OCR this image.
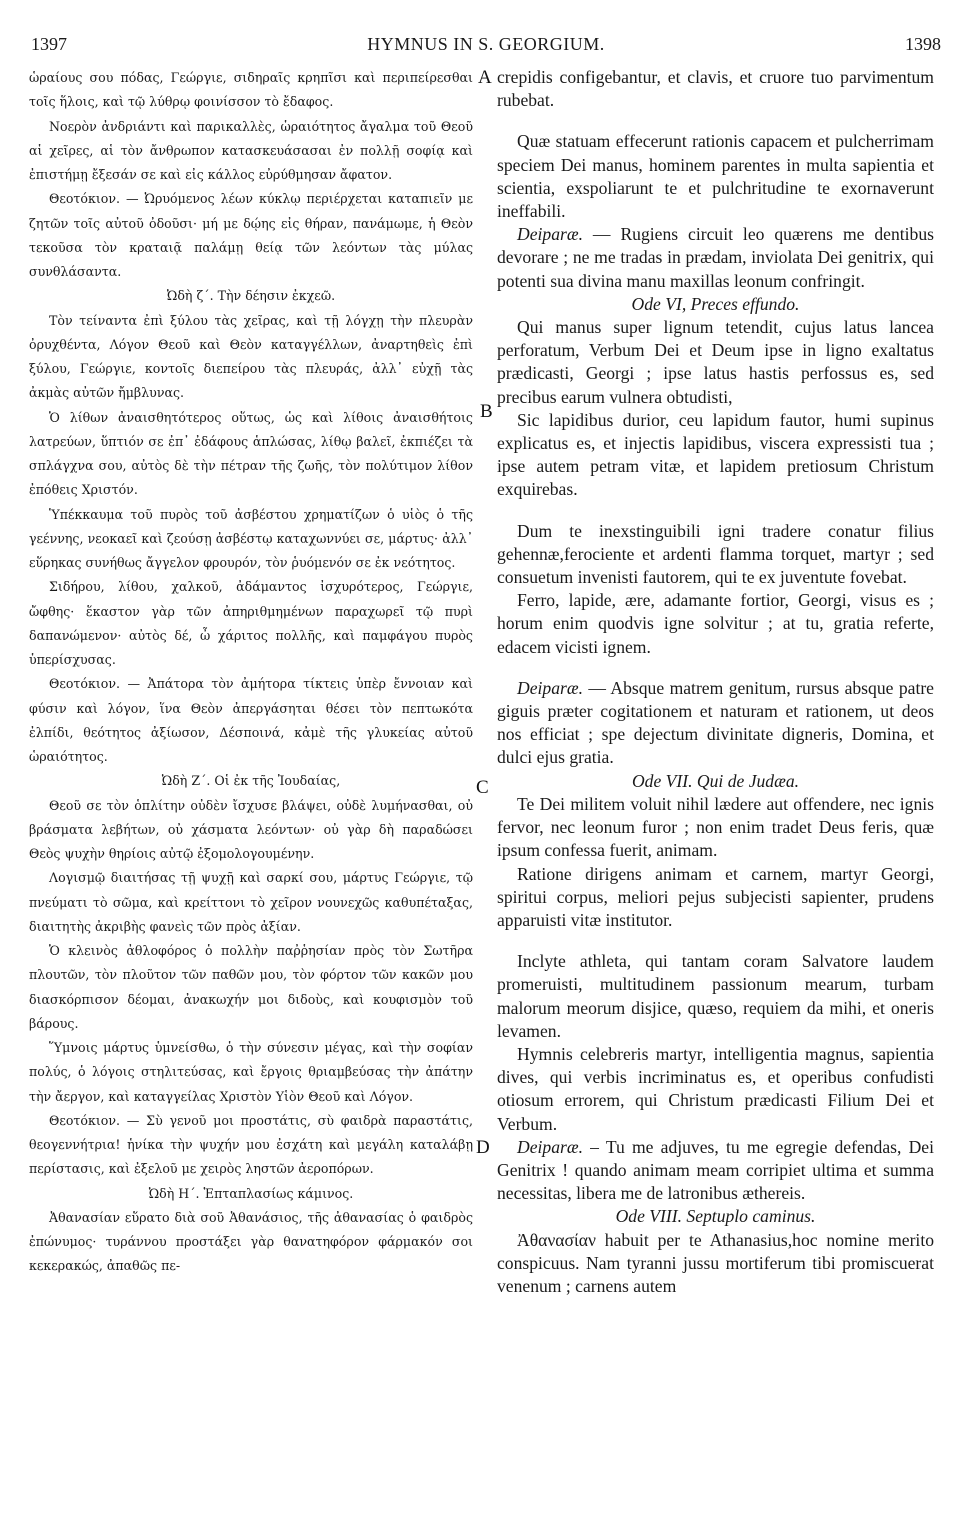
1397	HYMNUS IN S. GEORGIUM.	1398
A
B
C
D

ὡραίους σου πόδας, Γεώργιε, σιδηραῖς κρηπῖσι καὶ περιπείρεσθαι τοῖς ἥλοις, καὶ τῷ λύθρῳ φοινίσσον τὸ ἔδαφος.

Νοερὸν ἀνδριάντι καὶ παρικαλλὲς, ὡραιότητος ἄγαλμα τοῦ Θεοῦ αἱ χεῖρες, αἱ τὸν ἄνθρωπον κατασκευάσασαι ἐν πολλῇ σοφίᾳ καὶ ἐπιστήμῃ ἔξεσάν σε καὶ εἰς κάλλος εὐρύθμησαν ἄφατον.

Θεοτόκιον. — Ὠρυόμενος λέων κύκλῳ περιέρχεται καταπιεῖν με ζητῶν τοῖς αὐτοῦ ὀδοῦσι· μή με δῴης εἰς θήραν, πανάμωμε, ἡ Θεὸν τεκοῦσα τὸν κραταιᾷ παλάμῃ θείᾳ τῶν λεόντων τὰς μύλας συνθλάσαντα.

Ὠδὴ ζ΄. Τὴν δέησιν ἐκχεῶ.

Τὸν τείναντα ἐπὶ ξύλου τὰς χεῖρας, καὶ τῇ λόγχῃ τὴν πλευρὰν ὀρυχθέντα, Λόγον Θεοῦ καὶ Θεὸν καταγγέλλων, ἀναρτηθεὶς ἐπὶ ξύλου, Γεώργιε, κοντοῖς διεπείρου τὰς πλευράς, ἀλλ᾿ εὐχῇ τὰς ἀκμὰς αὐτῶν ἤμβλυνας.

Ὁ λίθων ἀναισθητότερος οὕτως, ὡς καὶ λίθοις ἀναισθήτοις λατρεύων, ὕπτιόν σε ἐπ᾿ ἐδάφους ἁπλώσας, λίθῳ βαλεῖ, ἐκπιέζει τὰ σπλάγχνα σου, αὐτὸς δὲ τὴν πέτραν τῆς ζωῆς, τὸν πολύτιμον λίθον ἐπόθεις Χριστόν.

Ὑπέκκαυμα τοῦ πυρὸς τοῦ ἀσβέστου χρηματίζων ὁ υἱὸς ὁ τῆς γεέννης, νεοκαεῖ καὶ ζεούσῃ ἀσβέστῳ καταχωννύει σε, μάρτυς· ἀλλ᾿ εὕρηκας συνήθως ἄγγελον φρουρόν, τὸν ῥυόμενόν σε ἐκ νεότητος.

Σιδήρου, λίθου, χαλκοῦ, ἀδάμαντος ἰσχυρότερος, Γεώργιε, ὤφθης· ἕκαστον γὰρ τῶν ἀπηριθμημένων παραχωρεῖ τῷ πυρὶ δαπανώμενον· αὐτὸς δέ, ὦ χάριτος πολλῆς, καὶ παμφάγου πυρὸς ὑπερίσχυσας.

Θεοτόκιον. — Ἀπάτορα τὸν ἀμήτορα τίκτεις ὑπὲρ ἔννοιαν καὶ φύσιν καὶ λόγον, ἵνα Θεὸν ἀπεργάσηται θέσει τὸν πεπτωκότα ἐλπίδι, θεότητος ἀξίωσον, Δέσποινά, κἀμὲ τῆς γλυκείας αὐτοῦ ὡραιότητος.

Ὠδὴ Ζ΄. Οἱ ἐκ τῆς Ἰουδαίας,

Θεοῦ σε τὸν ὁπλίτην οὐδὲν ἴσχυσε βλάψει, οὐδὲ λυμήνασθαι, οὐ βράσματα λεβήτων, οὐ χάσματα λεόντων· οὐ γὰρ δὴ παραδώσει Θεὸς ψυχὴν θηρίοις αὐτῷ ἐξομολογουμένην.

Λογισμῷ διαιτήσας τῇ ψυχῇ καὶ σαρκί σου, μάρτυς Γεώργιε, τῷ πνεύματι τὸ σῶμα, καὶ κρείττονι τὸ χεῖρον νουνεχῶς καθυπέταξας, διαιτητὴς ἀκριβὴς φανεὶς τῶν πρὸς ἀξίαν.

Ὁ κλεινὸς ἀθλοφόρος ὁ πολλὴν παῤῥησίαν πρὸς τὸν Σωτῆρα πλουτῶν, τὸν πλοῦτον τῶν παθῶν μου, τὸν φόρτον τῶν κακῶν μου διασκόρπισον δέομαι, ἀνακωχήν μοι διδοὺς, καὶ κουφισμὸν τοῦ βάρους.

Ὕμνοις μάρτυς ὑμνείσθω, ὁ τὴν σύνεσιν μέγας, καὶ τὴν σοφίαν πολύς, ὁ λόγοις στηλιτεύσας, καὶ ἔργοις θριαμβεύσας τὴν ἀπάτην τὴν ἄεργον, καὶ καταγγείλας Χριστὸν Υἱὸν Θεοῦ καὶ Λόγον.

Θεοτόκιον. — Σὺ γενοῦ μοι προστάτις, σὺ φαιδρὰ παραστάτις, θεογεννήτρια! ἡνίκα τὴν ψυχήν μου ἐσχάτη καὶ μεγάλη καταλάβῃ περίστασις, καὶ ἐξελοῦ με χειρὸς ληστῶν ἀεροπόρων.

Ὠδὴ Η΄. Ἑπταπλασίως κάμινος.

Ἀθανασίαν εὕρατο διὰ σοῦ Ἀθανάσιος, τῆς ἀθανασίας ὁ φαιδρὸς ἐπώνυμος· τυράννου προστάξει γὰρ θανατηφόρον φάρμακόν σοι κεκερακώς, ἀπαθῶς πε-

crepidis configebantur, et clavis, et cruore tuo parvimentum rubebat.

Quæ statuam effecerunt rationis capacem et pulcherrimam speciem Dei manus, hominem parentes in multa sapientia et scientia, exspoliarunt te et pulchritudine te exornaverunt ineffabili.

Deiparæ. — Rugiens circuit leo quærens me dentibus devorare ; ne me tradas in prædam, inviolata Dei genitrix, qui potenti sua divina manu maxillas leonum confringit.

Ode VI, Preces effundo.

Qui manus super lignum tetendit, cujus latus lancea perforatum, Verbum Dei et Deum ipse in ligno exaltatus prædicasti, Georgi ; ipse latus hastis perfossus es, sed precibus earum vulnera obtudisti,

Sic lapidibus durior, ceu lapidum fautor, humi supinus explicatus es, et injectis lapidibus, viscera expressisti tua ; ipse autem petram vitæ, et lapidem pretiosum Christum exquirebas.

Dum te inexstinguibili igni tradere conatur filius gehennæ,ferociente et ardenti flamma torquet, martyr ; sed consuetum invenisti fautorem, qui te ex juventute fovebat.

Ferro, lapide, ære, adamante fortior, Georgi, visus es ; horum enim quodvis igne solvitur ; at tu, gratia referte, edacem vicisti ignem.

Deiparæ. — Absque matrem genitum, rursus absque patre giguis præter cogitationem et naturam et rationem, ut deos nos efficiat ; spe dejectum divinitate digneris, Domina, et dulci ejus gratia.

Ode VII. Qui de Judæa.

Te Dei militem voluit nihil lædere aut offendere, nec ignis fervor, nec leonum furor ; non enim tradet Deus feris, quæ ipsum confessa fuerit, animam.

Ratione dirigens animam et carnem, martyr Georgi, spiritui corpus, meliori pejus subjecisti sapienter, prudens apparuisti vitæ institutor.

Inclyte athleta, qui tantam coram Salvatore laudem promeruisti, multitudinem passionum mearum, turbam malorum meorum disjice, quæso, requiem da mihi, et oneris levamen.

Hymnis celebreris martyr, intelligentia magnus, sapientia dives, qui verbis incriminatus es, et operibus confudisti otiosum errorem, qui Christum prædicasti Filium Dei et Verbum.

Deiparæ. – Tu me adjuves, tu me egregie defendas, Dei Genitrix ! quando animam meam corripiet ultima et summa necessitas, libera me de latronibus æthereis.

Ode VIII. Septuplo caminus.

Ἀθανασίαν habuit per te Athanasius,hoc nomine merito conspicuus. Nam tyranni jussu mortiferum tibi promiscuerat venenum ; carnens autem
